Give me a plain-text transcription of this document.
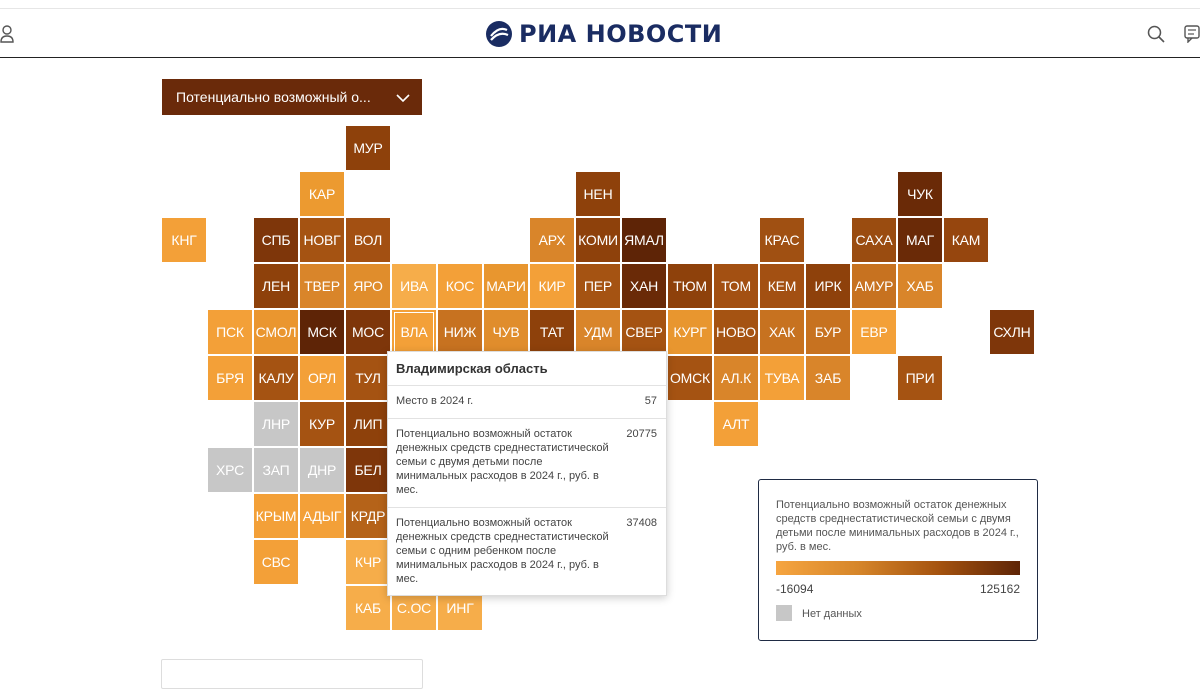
РИА НОВОСТИ
Потенциально возможный о...
МУР
КАР	НЕН	ЧУК
КНГ	СПБ НОВГ ВОЛ	АРХ КОМИ ЯМАЛ	КРАС	САХА МАГ	КАМ
ЛЕН	ТВЕР ЯРО	ИВА	КОС МАРИ КИР	ПЕР	ХАН	ТЮМ	ТОМ	КЕМ	ИРК АМУР ХАБ
ПСК СМОЛ МСК	МОС	ВЛА	НИЖ	ЧУВ	ТАТ	УДМ СВЕР КУРГ НОВО ХАК	БУР	ЕВР	СХЛН
БРЯ	КАЛУ	ОРЛ	ТУЛ	ОМСК АЛ.К ТУВА	ЗАБ	ПРИ
ЛНР	КУР	ЛИП	АЛТ
ХРС	ЗАП	ДНР	БЕЛ
КРЫМ АДЫГ КРДР
СВС	КЧР
КАБ	С.ОС	ИНГ
Владимирская область
Место в 2024 г.	57
Потенциально возможный остаток денежных средств среднестатистической семьи с двумя детьми после минимальных расходов в 2024 г., руб. в мес.
20775
Потенциально возможный остаток денежных средств среднестатистической семьи с одним ребенком после минимальных расходов в 2024 г., руб. в мес.
37408
Потенциально возможный остаток денежных средств среднестатистической семьи с двумя детьми после минимальных расходов в 2024 г., руб. в мес.
-16094	125162
Нет данных
